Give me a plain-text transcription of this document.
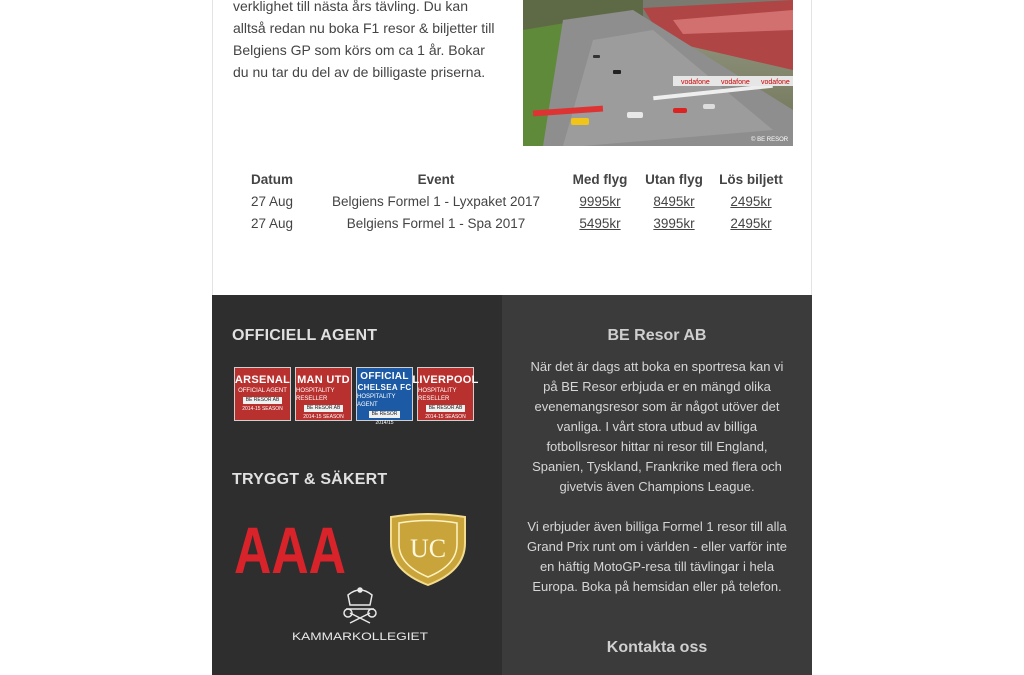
verklighet till nästa års tävling. Du kan alltså redan nu boka F1 resor & biljetter till Belgiens GP som körs om ca 1 år. Bokar du nu tar du del av de billigaste priserna.

vodafone vodafone vodafone
© BE RESOR
Datum	Event	Med flyg	Utan flyg	Lös biljett
27 Aug	Belgiens Formel 1 - Lyxpaket 2017	9995kr	8495kr	2495kr
27 Aug	Belgiens Formel 1 - Spa 2017	5495kr	3995kr	2495kr
OFFICIELL AGENT
ARSENAL
OFFICIAL AGENT
BE RESOR AB
2014-15 SEASON
MAN UTD
HOSPITALITY RESELLER
BE RESOR AB
2014-15 SEASON
OFFICIAL
CHELSEA FC
HOSPITALITY AGENT
BE RESOR
2014/15
LIVERPOOL
HOSPITALITY RESELLER
BE RESOR AB
2014-15 SEASON
TRYGGT & SÄKERT
AAA UC
KAMMARKOLLEGIET
BE Resor AB

När det är dags att boka en sportresa kan vi på BE Resor erbjuda er en mängd olika evenemangsresor som är något utöver det vanliga. I vårt stora utbud av billiga fotbollsresor hittar ni resor till England, Spanien, Tyskland, Frankrike med flera och givetvis även Champions League.

Vi erbjuder även billiga Formel 1 resor till alla Grand Prix runt om i världen - eller varför inte en häftig MotoGP-resa till tävlingar i hela Europa. Boka på hemsidan eller på telefon.

Kontakta oss
